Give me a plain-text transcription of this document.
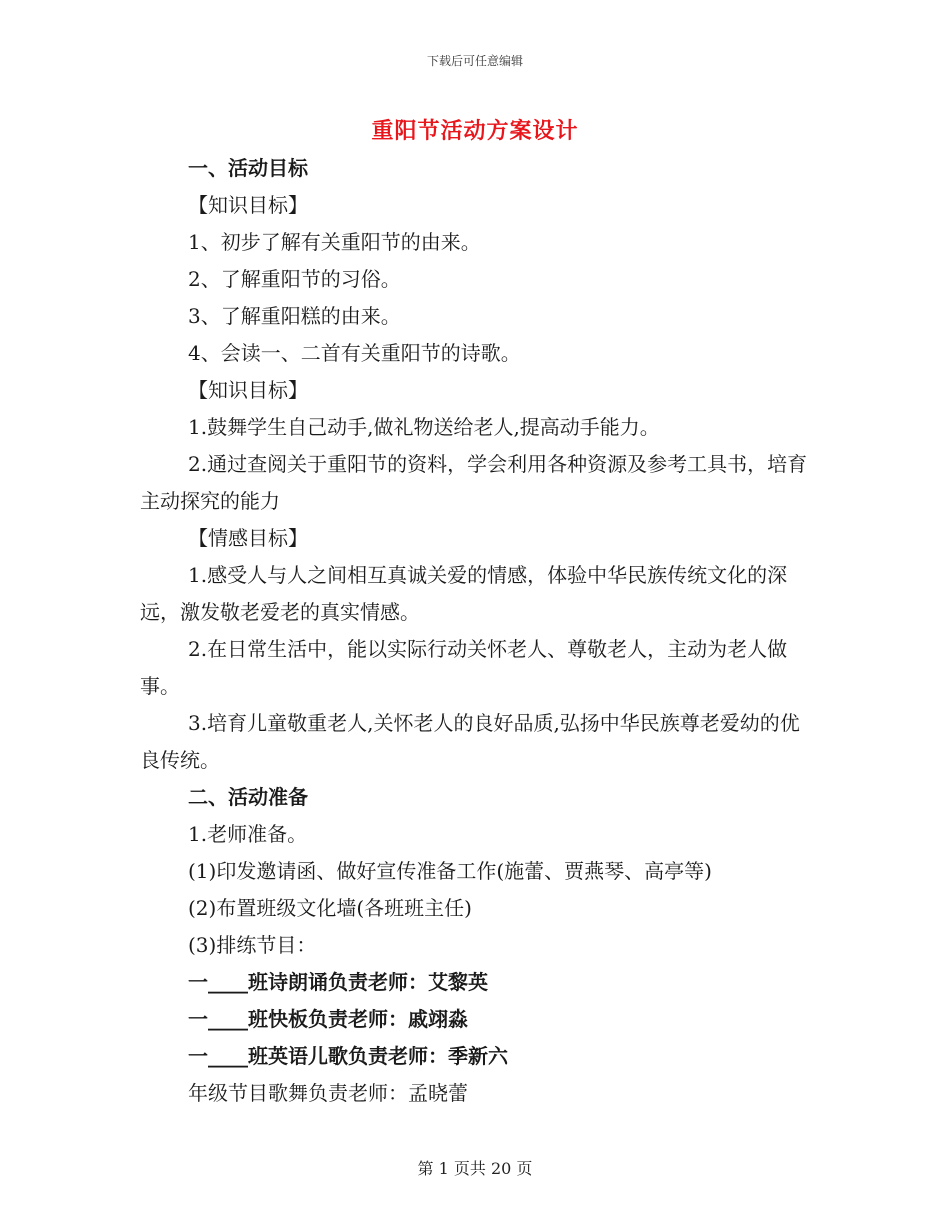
下载后可任意编辑
重阳节活动方案设计

一、活动目标

【知识目标】

1、初步了解有关重阳节的由来。

2、了解重阳节的习俗。

3、了解重阳糕的由来。

4、会读一、二首有关重阳节的诗歌。

【知识目标】

1.鼓舞学生自己动手,做礼物送给老人,提高动手能力。

2.通过查阅关于重阳节的资料，学会利用各种资源及参考工具书，培育主动探究的能力

【情感目标】

1.感受人与人之间相互真诚关爱的情感，体验中华民族传统文化的深远，激发敬老爱老的真实情感。

2.在日常生活中，能以实际行动关怀老人、尊敬老人，主动为老人做事。

3.培育儿童敬重老人,关怀老人的良好品质,弘扬中华民族尊老爱幼的优良传统。

二、活动准备

1.老师准备。

(1)印发邀请函、做好宣传准备工作(施蕾、贾燕琴、高亭等)

(2)布置班级文化墙(各班班主任)

(3)排练节目：

一____班诗朗诵负责老师：艾黎英

一____班快板负责老师：戚翊淼

一____班英语儿歌负责老师：季新六

年级节目歌舞负责老师：孟晓蕾

第 1 页共 20 页
